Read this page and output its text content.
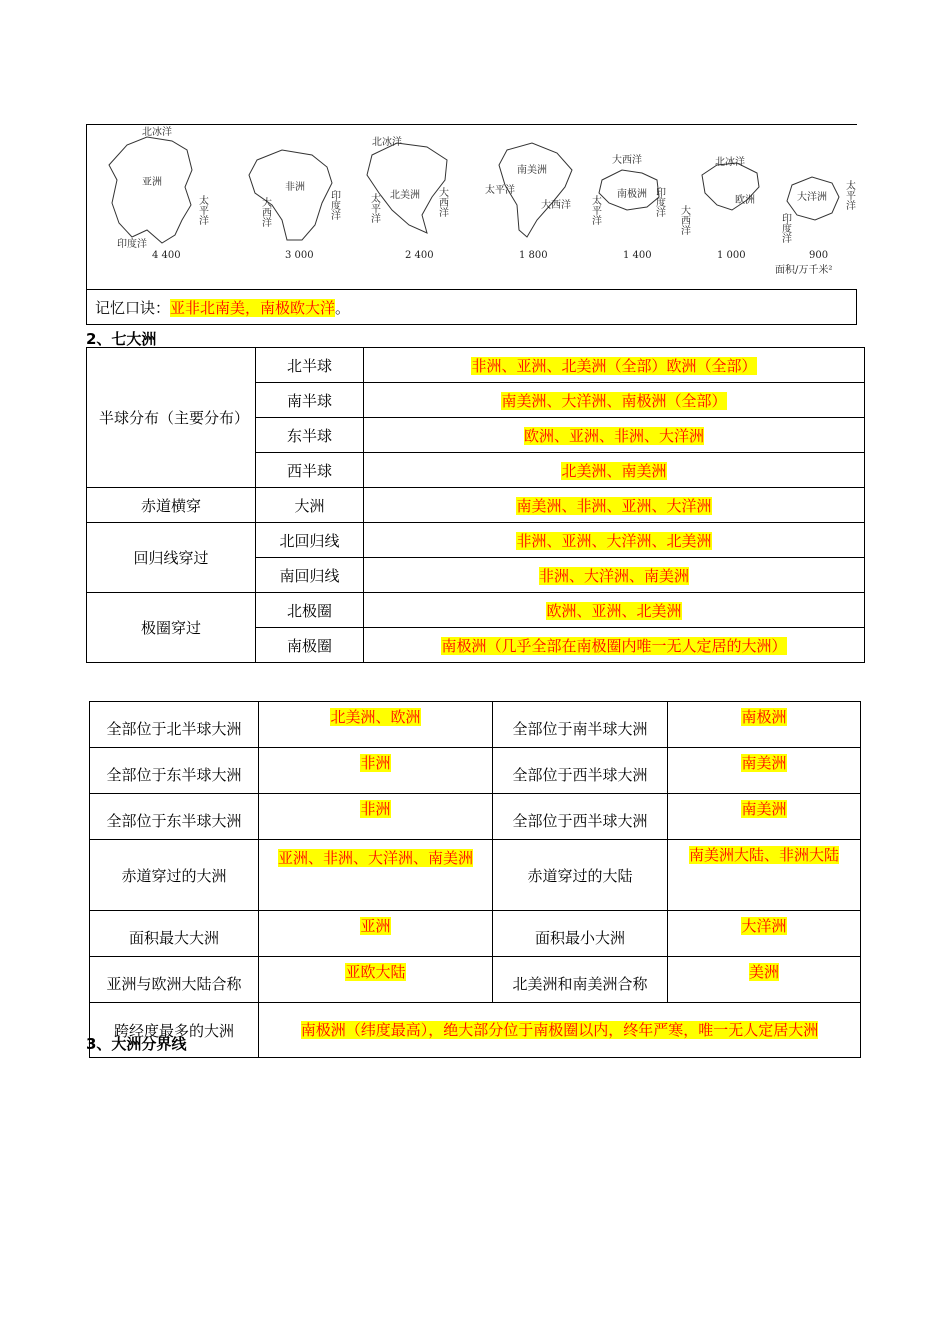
北冰洋
亚洲
太平洋
印度洋
4 400
非洲
大西洋	印度洋
3 000
北冰洋
北美洲
太平洋	大西洋
2 400
南美洲
太平洋
大西洋
1 800
大西洋
南极洲
太平洋	印度洋
1 400
北冰洋
欧洲
大西洋
1 000
大洋洲
印度洋
太平洋
900
面积/万千米²
记忆口诀：亚非北南美，南极欧大洋。
2、七大洲
半球分布（主要分布）	北半球	非洲、亚洲、北美洲（全部）欧洲（全部）
	南半球	南美洲、大洋洲、南极洲（全部）
	东半球	欧洲、亚洲、非洲、大洋洲
	西半球	北美洲、南美洲
赤道横穿	大洲	南美洲、非洲、亚洲、大洋洲
回归线穿过	北回归线	非洲、亚洲、大洋洲、北美洲
	南回归线	非洲、大洋洲、南美洲
极圈穿过	北极圈	欧洲、亚洲、北美洲
	南极圈	南极洲（几乎全部在南极圈内唯一无人定居的大洲）
全部位于北半球大洲	北美洲、欧洲	全部位于南半球大洲	南极洲
全部位于东半球大洲	非洲	全部位于西半球大洲	南美洲
全部位于东半球大洲	非洲	全部位于西半球大洲	南美洲
赤道穿过的大洲	亚洲、非洲、大洋洲、南美洲	赤道穿过的大陆	南美洲大陆、非洲大陆
面积最大大洲	亚洲	面积最小大洲	大洋洲
亚洲与欧洲大陆合称	亚欧大陆	北美洲和南美洲合称	美洲
跨经度最多的大洲	南极洲（纬度最高），绝大部分位于南极圈以内，终年严寒，唯一无人定居大洲		
3、大洲分界线
